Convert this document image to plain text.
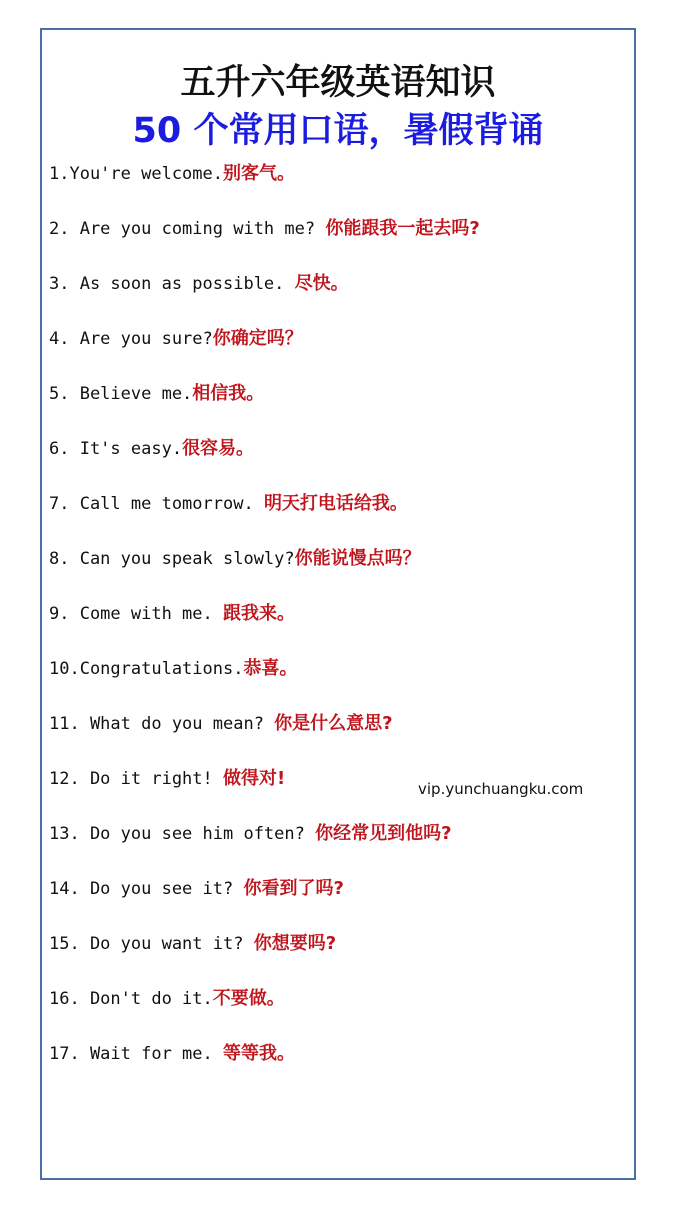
五升六年级英语知识
50 个常用口语，暑假背诵
1.You're welcome.别客气。
2. Are you coming with me? 你能跟我一起去吗?
3. As soon as possible. 尽快。
4. Are you sure?你确定吗？
5. Believe me.相信我。
6. It's easy.很容易。
7. Call me tomorrow. 明天打电话给我。
8. Can you speak slowly?你能说慢点吗？
9. Come with me. 跟我来。
10.Congratulations.恭喜。
11. What do you mean? 你是什么意思?
12. Do it right! 做得对!
13. Do you see him often? 你经常见到他吗?
14. Do you see it? 你看到了吗?
15. Do you want it? 你想要吗?
16. Don't do it.不要做。
17. Wait for me. 等等我。
vip.yunchuangku.com
